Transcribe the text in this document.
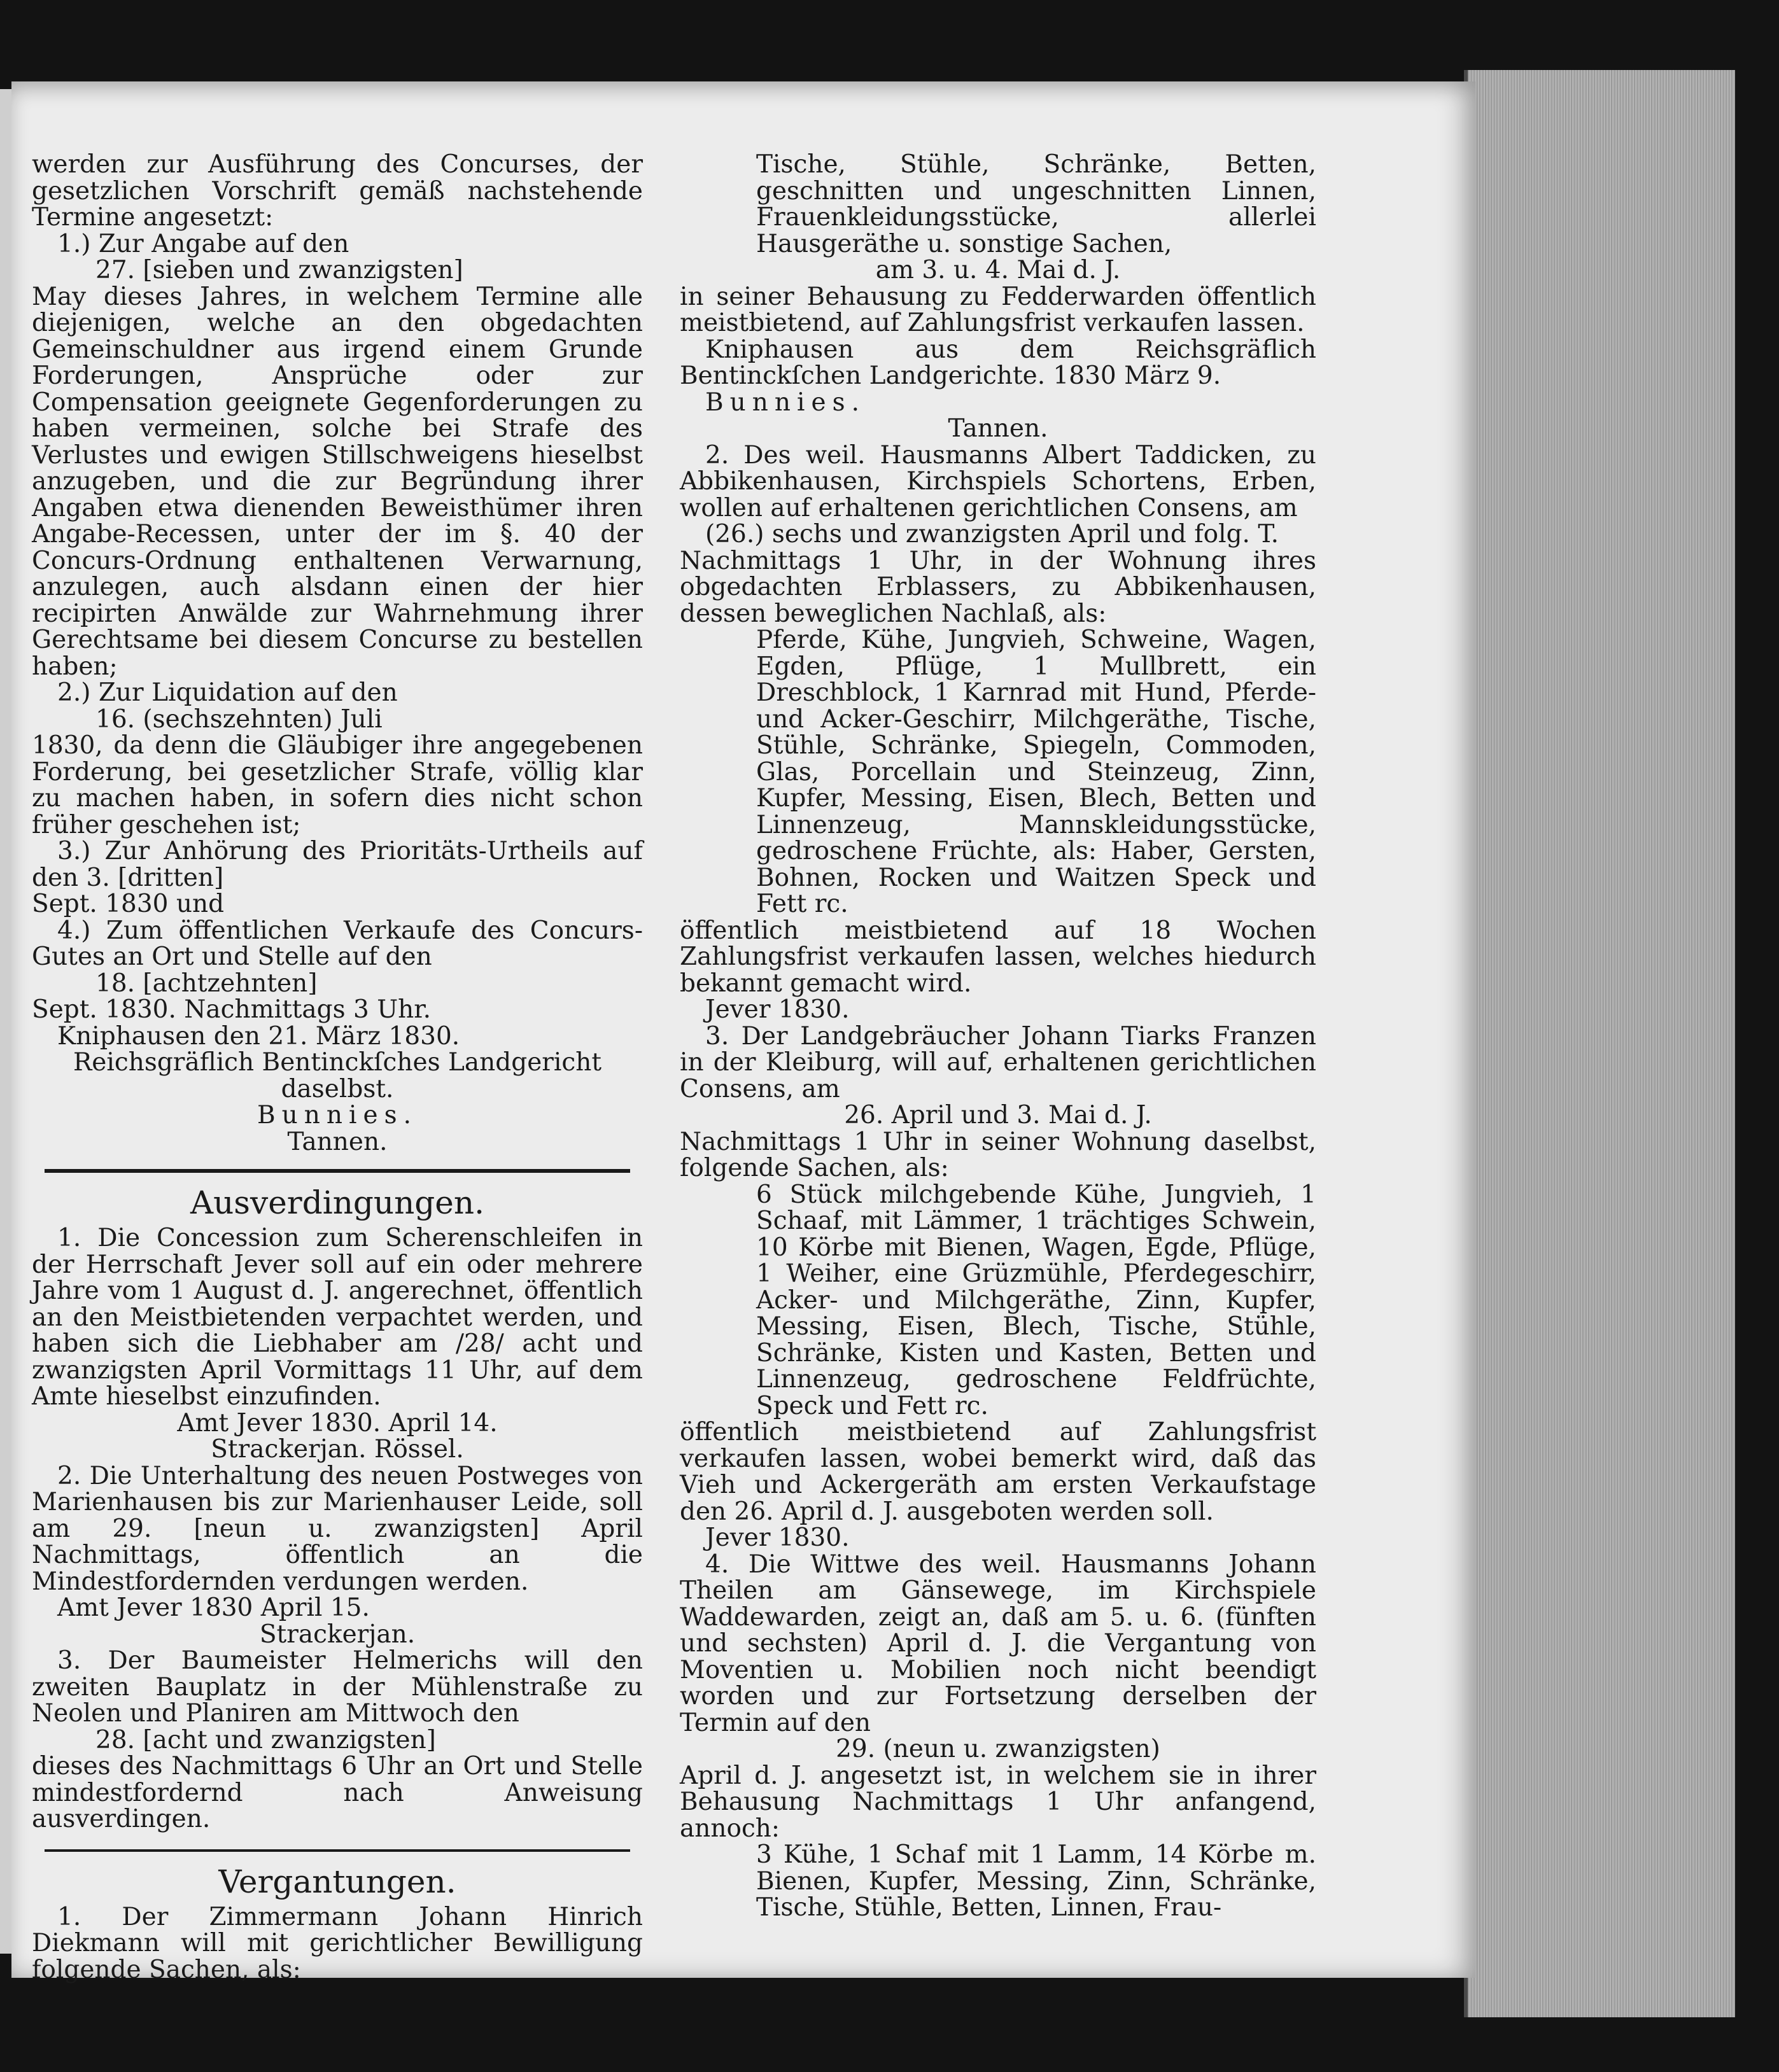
werden zur Ausführung des Concurses, der gesetzlichen Vorschrift gemäß nachstehende Termine angesetzt:
1.) Zur Angabe auf den
27. [sieben und zwanzigsten]
May dieses Jahres, in welchem Termine alle diejenigen, welche an den obgedachten Gemeinschuldner aus irgend einem Grunde Forderungen, Ansprüche oder zur Compensation geeignete Gegenforderungen zu haben vermeinen, solche bei Strafe des Verlustes und ewigen Stillschweigens hieselbst anzugeben, und die zur Begründung ihrer Angaben etwa dienenden Beweisthümer ihren Angabe-Recessen, unter der im §. 40 der Concurs-Ordnung enthaltenen Verwarnung, anzulegen, auch alsdann einen der hier recipirten Anwälde zur Wahrnehmung ihrer Gerechtsame bei diesem Concurse zu bestellen haben;
2.) Zur Liquidation auf den
16. (sechszehnten) Juli
1830, da denn die Gläubiger ihre angegebenen Forderung, bei gesetzlicher Strafe, völlig klar zu machen haben, in sofern dies nicht schon früher geschehen ist;
3.) Zur Anhörung des Prioritäts-Urtheils auf den 3. [dritten]
Sept. 1830 und
4.) Zum öffentlichen Verkaufe des Concurs-Gutes an Ort und Stelle auf den
18. [achtzehnten]
Sept. 1830. Nachmittags 3 Uhr.
Kniphausen den 21. März 1830.
Reichsgräflich Bentinckſches Landgericht daselbst.
Bunnies.
Tannen.
Ausverdingungen.
1. Die Concession zum Scherenschleifen in der Herrschaft Jever soll auf ein oder mehrere Jahre vom 1 August d. J. angerechnet, öffentlich an den Meistbietenden verpachtet werden, und haben sich die Liebhaber am /28/ acht und zwanzigsten April Vormittags 11 Uhr, auf dem Amte hieselbst einzufinden.
Amt Jever 1830. April 14.
Strackerjan. Rössel.
2. Die Unterhaltung des neuen Postweges von Marienhausen bis zur Marienhauser Leide, soll am 29. [neun u. zwanzigsten] April Nachmittags, öffentlich an die Mindestfordernden verdungen werden.
Amt Jever 1830 April 15.
Strackerjan.
3. Der Baumeister Helmerichs will den zweiten Bauplatz in der Mühlenstraße zu Neolen und Planiren am Mittwoch den
28. [acht und zwanzigsten]
dieses des Nachmittags 6 Uhr an Ort und Stelle mindestfordernd nach Anweisung ausverdingen.
Vergantungen.
1. Der Zimmermann Johann Hinrich Diekmann will mit gerichtlicher Bewilligung folgende Sachen, als:
Tische, Stühle, Schränke, Betten, geschnitten und ungeschnitten Linnen, Frauenkleidungsstücke, allerlei Hausgeräthe u. sonstige Sachen,
am 3. u. 4. Mai d. J.
in seiner Behausung zu Fedderwarden öffentlich meistbietend, auf Zahlungsfrist verkaufen lassen.
Kniphausen aus dem Reichsgräflich Bentinckſchen Landgerichte. 1830 März 9.
Bunnies.
Tannen.
2. Des weil. Hausmanns Albert Taddicken, zu Abbikenhausen, Kirchspiels Schortens, Erben, wollen auf erhaltenen gerichtlichen Consens, am
(26.) sechs und zwanzigsten April und folg. T.
Nachmittags 1 Uhr, in der Wohnung ihres obgedachten Erblassers, zu Abbikenhausen, dessen beweglichen Nachlaß, als:
Pferde, Kühe, Jungvieh, Schweine, Wagen, Egden, Pflüge, 1 Mullbrett, ein Dreschblock, 1 Karnrad mit Hund, Pferde- und Acker-Geschirr, Milchgeräthe, Tische, Stühle, Schränke, Spiegeln, Commoden, Glas, Porcellain und Steinzeug, Zinn, Kupfer, Messing, Eisen, Blech, Betten und Linnenzeug, Mannskleidungsstücke, gedroschene Früchte, als: Haber, Gersten, Bohnen, Rocken und Waitzen Speck und Fett rc.
öffentlich meistbietend auf 18 Wochen Zahlungsfrist verkaufen lassen, welches hiedurch bekannt gemacht wird.
Jever 1830.
3. Der Landgebräucher Johann Tiarks Franzen in der Kleiburg, will auf, erhaltenen gerichtlichen Consens, am
26. April und 3. Mai d. J.
Nachmittags 1 Uhr in seiner Wohnung daselbst, folgende Sachen, als:
6 Stück milchgebende Kühe, Jungvieh, 1 Schaaf, mit Lämmer, 1 trächtiges Schwein, 10 Körbe mit Bienen, Wagen, Egde, Pflüge, 1 Weiher, eine Grüzmühle, Pferdegeschirr, Acker- und Milchgeräthe, Zinn, Kupfer, Messing, Eisen, Blech, Tische, Stühle, Schränke, Kisten und Kasten, Betten und Linnenzeug, gedroschene Feldfrüchte, Speck und Fett rc.
öffentlich meistbietend auf Zahlungsfrist verkaufen lassen, wobei bemerkt wird, daß das Vieh und Ackergeräth am ersten Verkaufstage den 26. April d. J. ausgeboten werden soll.
Jever 1830.
4. Die Wittwe des weil. Hausmanns Johann Theilen am Gänsewege, im Kirchspiele Waddewarden, zeigt an, daß am 5. u. 6. (fünften und sechsten) April d. J. die Vergantung von Moventien u. Mobilien noch nicht beendigt worden und zur Fortsetzung derselben der Termin auf den
29. (neun u. zwanzigsten)
April d. J. angesetzt ist, in welchem sie in ihrer Behausung Nachmittags 1 Uhr anfangend, annoch:
3 Kühe, 1 Schaf mit 1 Lamm, 14 Körbe m. Bienen, Kupfer, Messing, Zinn, Schränke, Tische, Stühle, Betten, Linnen, Frau-
